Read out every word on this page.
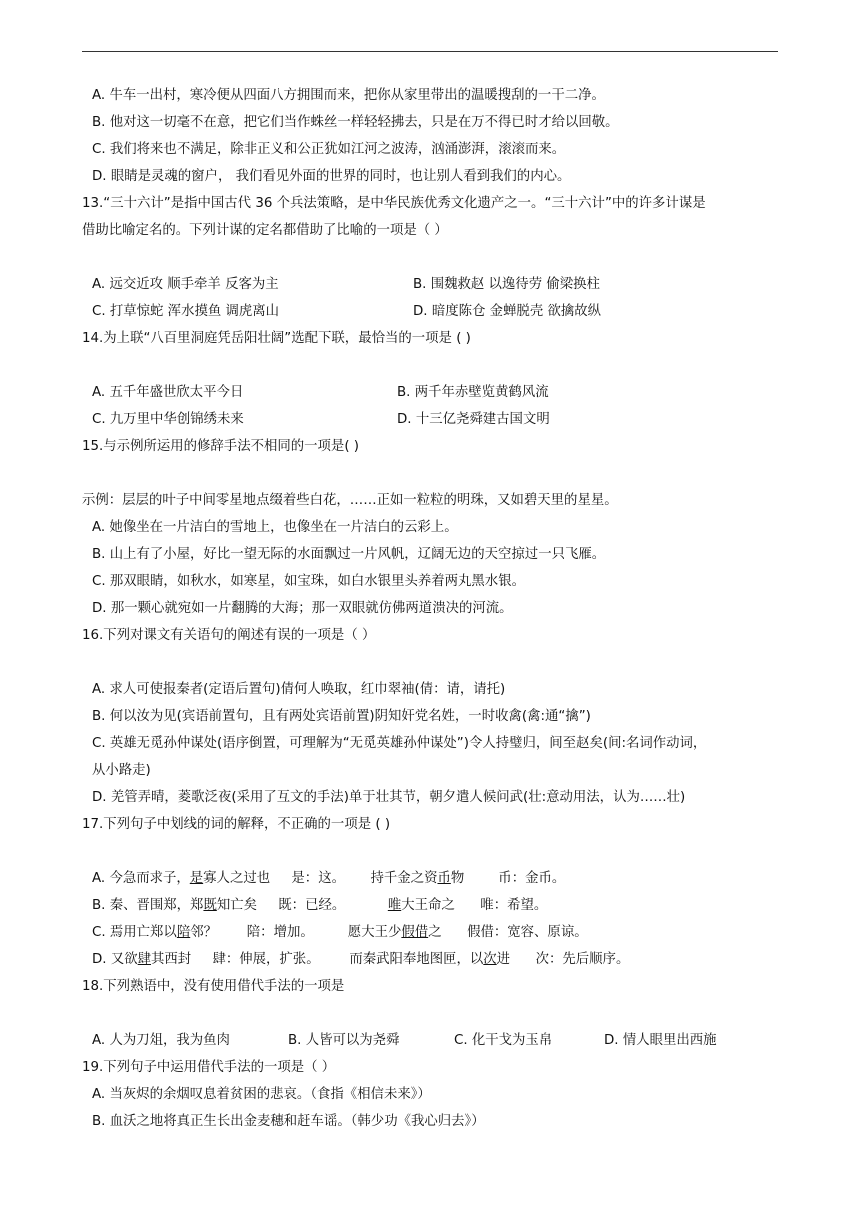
A. 牛车一出村，寒冷便从四面八方拥围而来，把你从家里带出的温暖搜刮的一干二净。
B. 他对这一切毫不在意，把它们当作蛛丝一样轻轻拂去，只是在万不得已时才给以回敬。
C. 我们将来也不满足，除非正义和公正犹如江河之波涛，汹涌澎湃，滚滚而来。
D. 眼睛是灵魂的窗户， 我们看见外面的世界的同时，也让别人看到我们的内心。
13.“三十六计”是指中国古代 36 个兵法策略，是中华民族优秀文化遗产之一。“三十六计”中的许多计谋是
借助比喻定名的。下列计谋的定名都借助了比喻的一项是（ ）
A. 远交近攻 顺手牵羊 反客为主	B. 围魏救赵 以逸待劳 偷梁换柱
C. 打草惊蛇 浑水摸鱼 调虎离山	D. 暗度陈仓 金蝉脱壳 欲擒故纵
14.为上联“八百里洞庭凭岳阳壮阔”选配下联，最恰当的一项是 ( )
A. 五千年盛世欣太平今日	B. 两千年赤壁览黄鹤风流
C. 九万里中华创锦绣未来	D. 十三亿尧舜建古国文明
15.与示例所运用的修辞手法不相同的一项是( )
示例：层层的叶子中间零星地点缀着些白花，……正如一粒粒的明珠，又如碧天里的星星。
A. 她像坐在一片洁白的雪地上，也像坐在一片洁白的云彩上。
B. 山上有了小屋，好比一望无际的水面飘过一片风帆，辽阔无边的天空掠过一只飞雁。
C. 那双眼睛，如秋水，如寒星，如宝珠，如白水银里头养着两丸黑水银。
D. 那一颗心就宛如一片翻腾的大海；那一双眼就仿佛两道溃决的河流。
16.下列对课文有关语句的阐述有误的一项是（ ）
A. 求人可使报秦者(定语后置句)倩何人唤取，红巾翠袖(倩：请，请托)
B. 何以汝为见(宾语前置句，且有两处宾语前置)阴知奸党名姓，一时收禽(禽:通“擒”)
C. 英雄无觅孙仲谋处(语序倒置，可理解为“无觅英雄孙仲谋处”)令人持璧归，间至赵矣(间:名词作动词，
从小路走)
D. 羌管弄晴，菱歌泛夜(采用了互文的手法)单于壮其节，朝夕遣人候问武(壮:意动用法，认为……壮)
17.下列句子中划线的词的解释，不正确的一项是 ( )
A. 今急而求子，是寡人之过也     是：这。      持千金之资币物        币：金币。
B. 秦、晋围郑，郑既知亡矣     既：已经。          唯大王命之      唯：希望。
C. 焉用亡郑以陪邻？       陪：增加。        愿大王少假借之      假借：宽容、原谅。
D. 又欲肆其西封     肆：伸展，扩张。       而秦武阳奉地图匣，以次进      次：先后顺序。
18.下列熟语中，没有使用借代手法的一项是
A. 人为刀俎，我为鱼肉	B. 人皆可以为尧舜	C. 化干戈为玉帛	D. 情人眼里出西施
19.下列句子中运用借代手法的一项是（ ）
A. 当灰烬的余烟叹息着贫困的悲哀。（食指《相信未来》）
B. 血沃之地将真正生长出金麦穗和赶车谣。（韩少功《我心归去》）
